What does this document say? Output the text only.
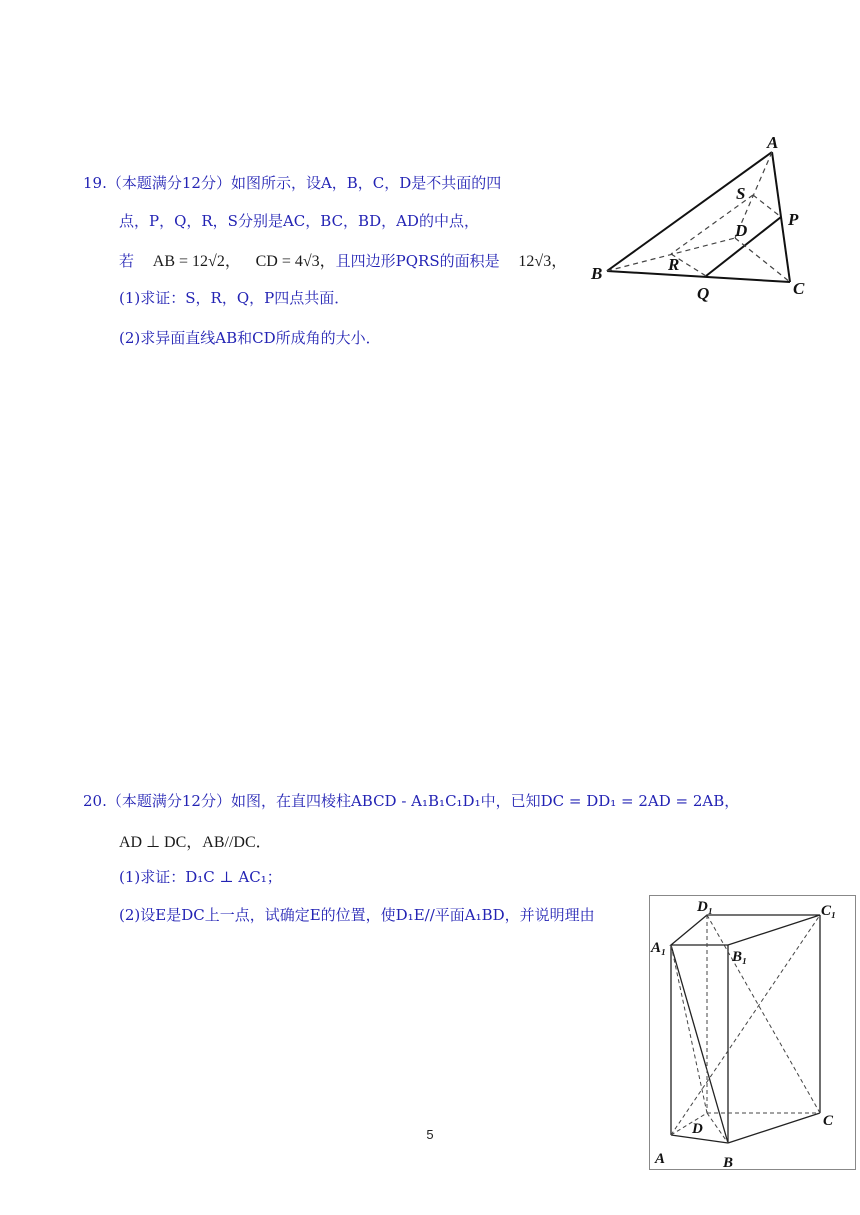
19.（本题满分12分）如图所示，设A，B，C，D是不共面的四
点，P，Q，R，S分别是AC，BC，BD，AD的中点，
若 AB = 12√2， CD = 4√3，且四边形PQRS的面积是 12√3，
(1)求证：S，R，Q，P四点共面．
(2)求异面直线AB和CD所成角的大小．
A
B
C
D
P
Q
R
S
20.（本题满分12分）如图，在直四棱柱ABCD - A₁B₁C₁D₁中，已知DC = DD₁ = 2AD = 2AB，
AD ⊥ DC，AB//DC．
(1)求证：D₁C ⊥ AC₁；
(2)设E是DC上一点，试确定E的位置，使D₁E//平面A₁BD，并说明理由	D₁	C₁
A₁
B₁
C
D
A	B
5
